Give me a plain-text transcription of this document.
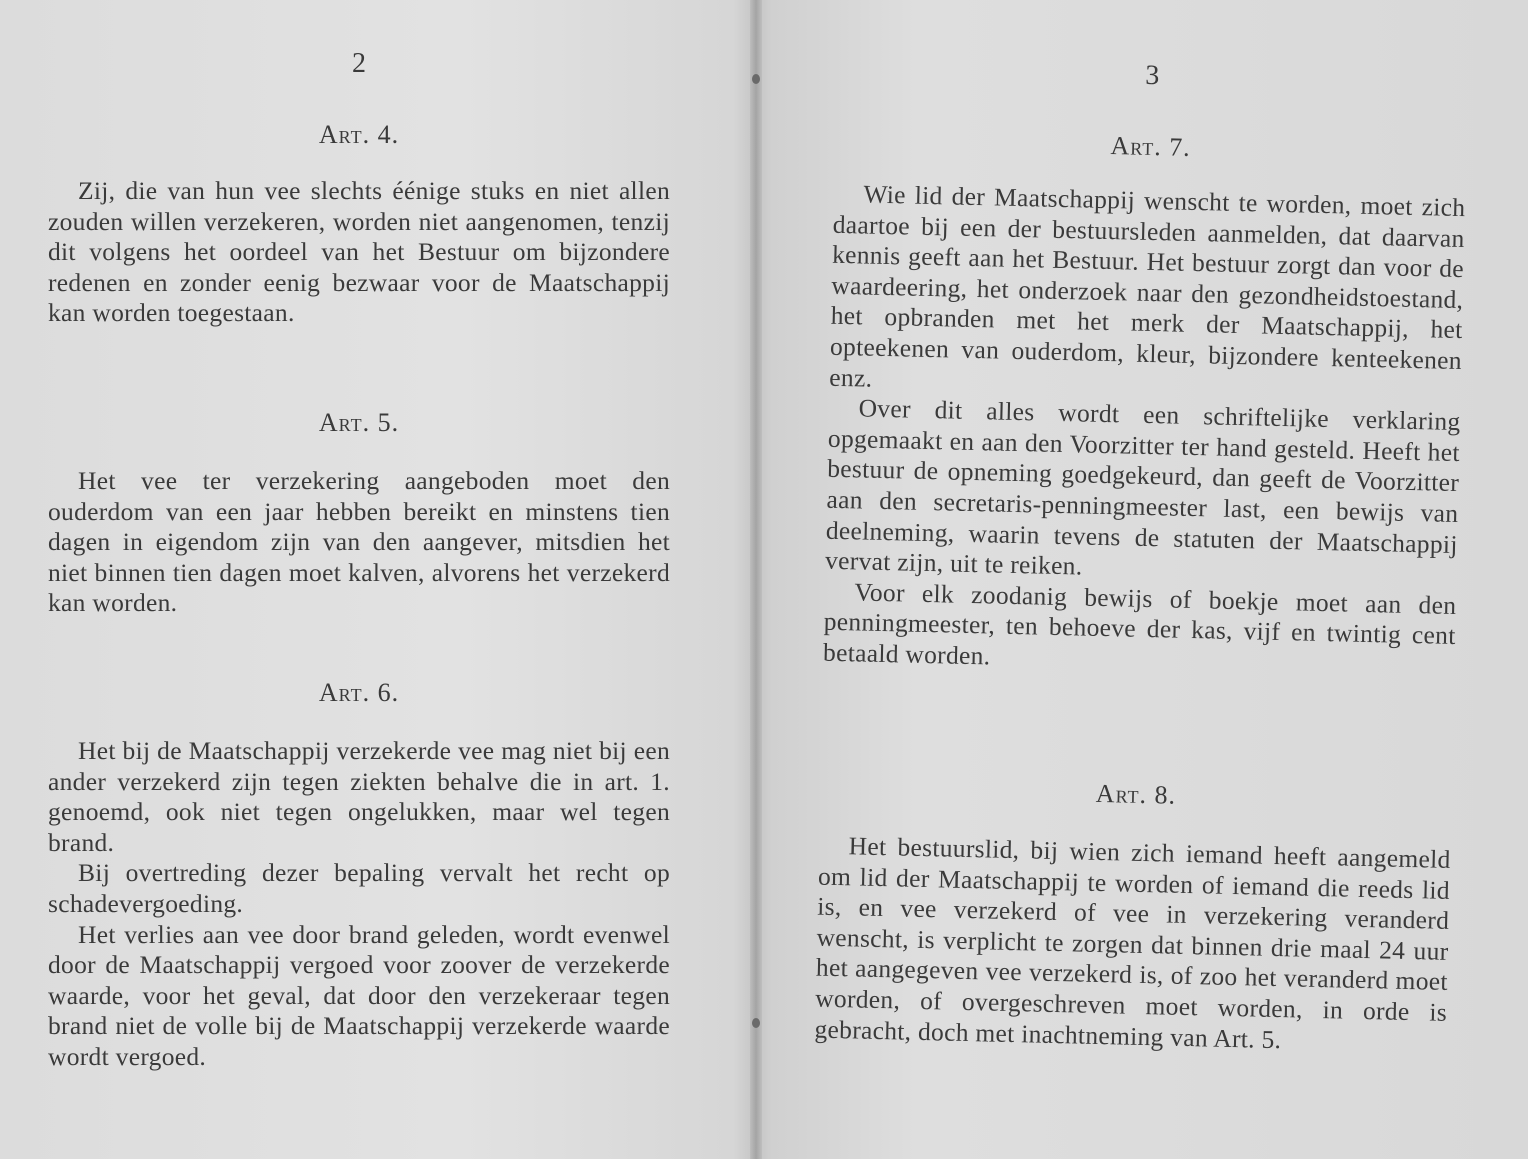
2
Art. 4.

Zij, die van hun vee slechts éénige stuks en niet allen zouden willen verzekeren, worden niet aangenomen, tenzij dit volgens het oordeel van het Bestuur om bijzondere redenen en zonder eenig bezwaar voor de Maatschappij kan worden toegestaan.

Art. 5.

Het vee ter verzekering aangeboden moet den ouderdom van een jaar hebben bereikt en minstens tien dagen in eigendom zijn van den aangever, mitsdien het niet binnen tien dagen moet kalven, alvorens het verzekerd kan worden.

Art. 6.

Het bij de Maatschappij verzekerde vee mag niet bij een ander verzekerd zijn tegen ziekten behalve die in art. 1. genoemd, ook niet tegen ongelukken, maar wel tegen brand.

Bij overtreding dezer bepaling vervalt het recht op schadevergoeding.

Het verlies aan vee door brand geleden, wordt evenwel door de Maatschappij vergoed voor zoover de verzekerde waarde, voor het geval, dat door den verzekeraar tegen brand niet de volle bij de Maatschappij verzekerde waarde wordt vergoed.

3
Art. 7.

Wie lid der Maatschappij wenscht te worden, moet zich daartoe bij een der bestuursleden aanmelden, dat daarvan kennis geeft aan het Bestuur. Het bestuur zorgt dan voor de waardeering, het onderzoek naar den gezondheidstoestand, het opbranden met het merk der Maatschappij, het opteekenen van ouderdom, kleur, bijzondere kenteekenen enz.

Over dit alles wordt een schriftelijke verklaring opgemaakt en aan den Voorzitter ter hand gesteld. Heeft het bestuur de opneming goedgekeurd, dan geeft de Voorzitter aan den secretaris-penningmeester last, een bewijs van deelneming, waarin tevens de statuten der Maatschappij vervat zijn, uit te reiken.

Voor elk zoodanig bewijs of boekje moet aan den penningmeester, ten behoeve der kas, vijf en twintig cent betaald worden.

Art. 8.

Het bestuurslid, bij wien zich iemand heeft aangemeld om lid der Maatschappij te worden of iemand die reeds lid is, en vee verzekerd of vee in verzekering veranderd wenscht, is verplicht te zorgen dat binnen drie maal 24 uur het aangegeven vee verzekerd is, of zoo het veranderd moet worden, of overgeschreven moet worden, in orde is gebracht, doch met inachtneming van Art. 5.
